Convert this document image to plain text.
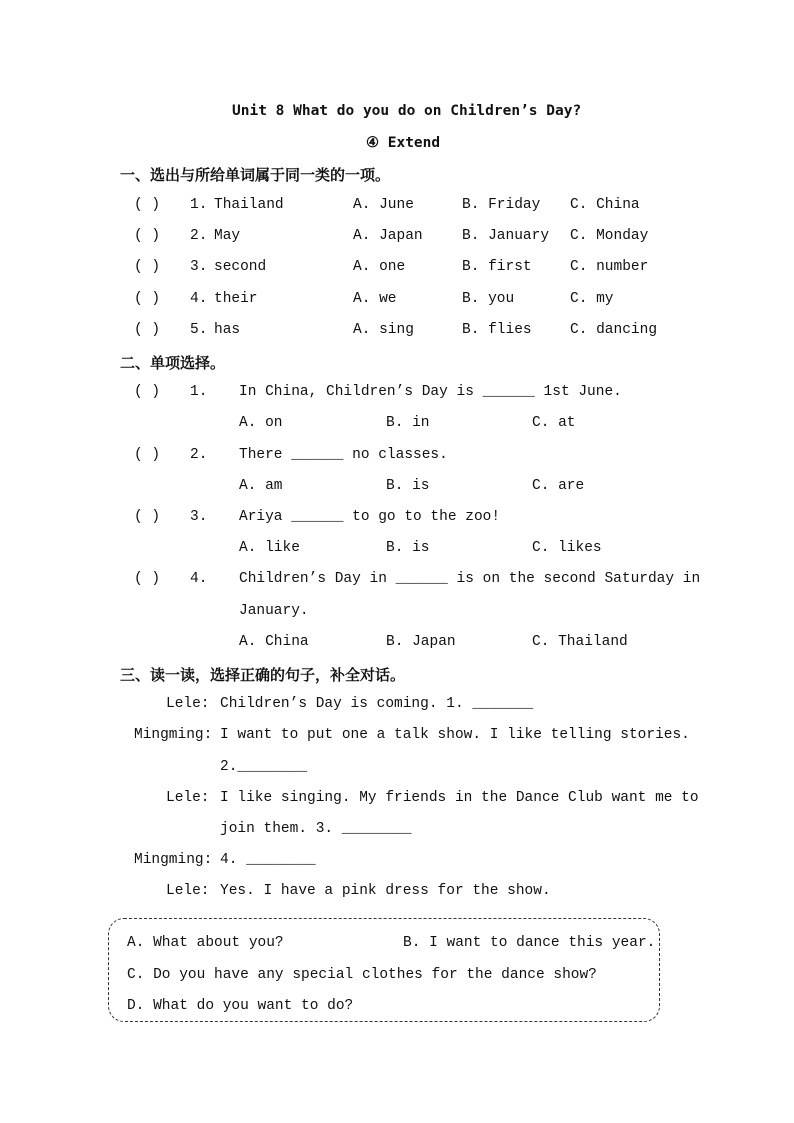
Unit 8 What do you do on Children’s Day?
④ Extend
一、选出与所给单词属于同一类的一项。
( ) 1. Thailand	A. June	B. Friday C. China
( ) 2. May	A. Japan	B. January C. Monday
( ) 3. second	A. one	B. first	C. number
( ) 4. their	A. we	B. you	C. my
( ) 5. has	A. sing	B. flies	C. dancing
二、单项选择。
( ) 1. In China, Children’s Day is ______ 1st June.
A. on	B. in	C. at
( ) 2. There ______ no classes.
A. am	B. is	C. are
( ) 3. Ariya ______ to go to the zoo!
A. like	B. is	C. likes
( ) 4. Children’s Day in ______ is on the second Saturday in
January.
A. China	B. Japan	C. Thailand
三、读一读，选择正确的句子，补全对话。
Lele: Children’s Day is coming. 1. _______
Mingming: I want to put one a talk show. I like telling stories.
2.________
Lele: I like singing. My friends in the Dance Club want me to
join them. 3. ________
Mingming: 4. ________
Lele: Yes. I have a pink dress for the show.
A. What about you?	B. I want to dance this year.
C. Do you have any special clothes for the dance show?
D. What do you want to do?
